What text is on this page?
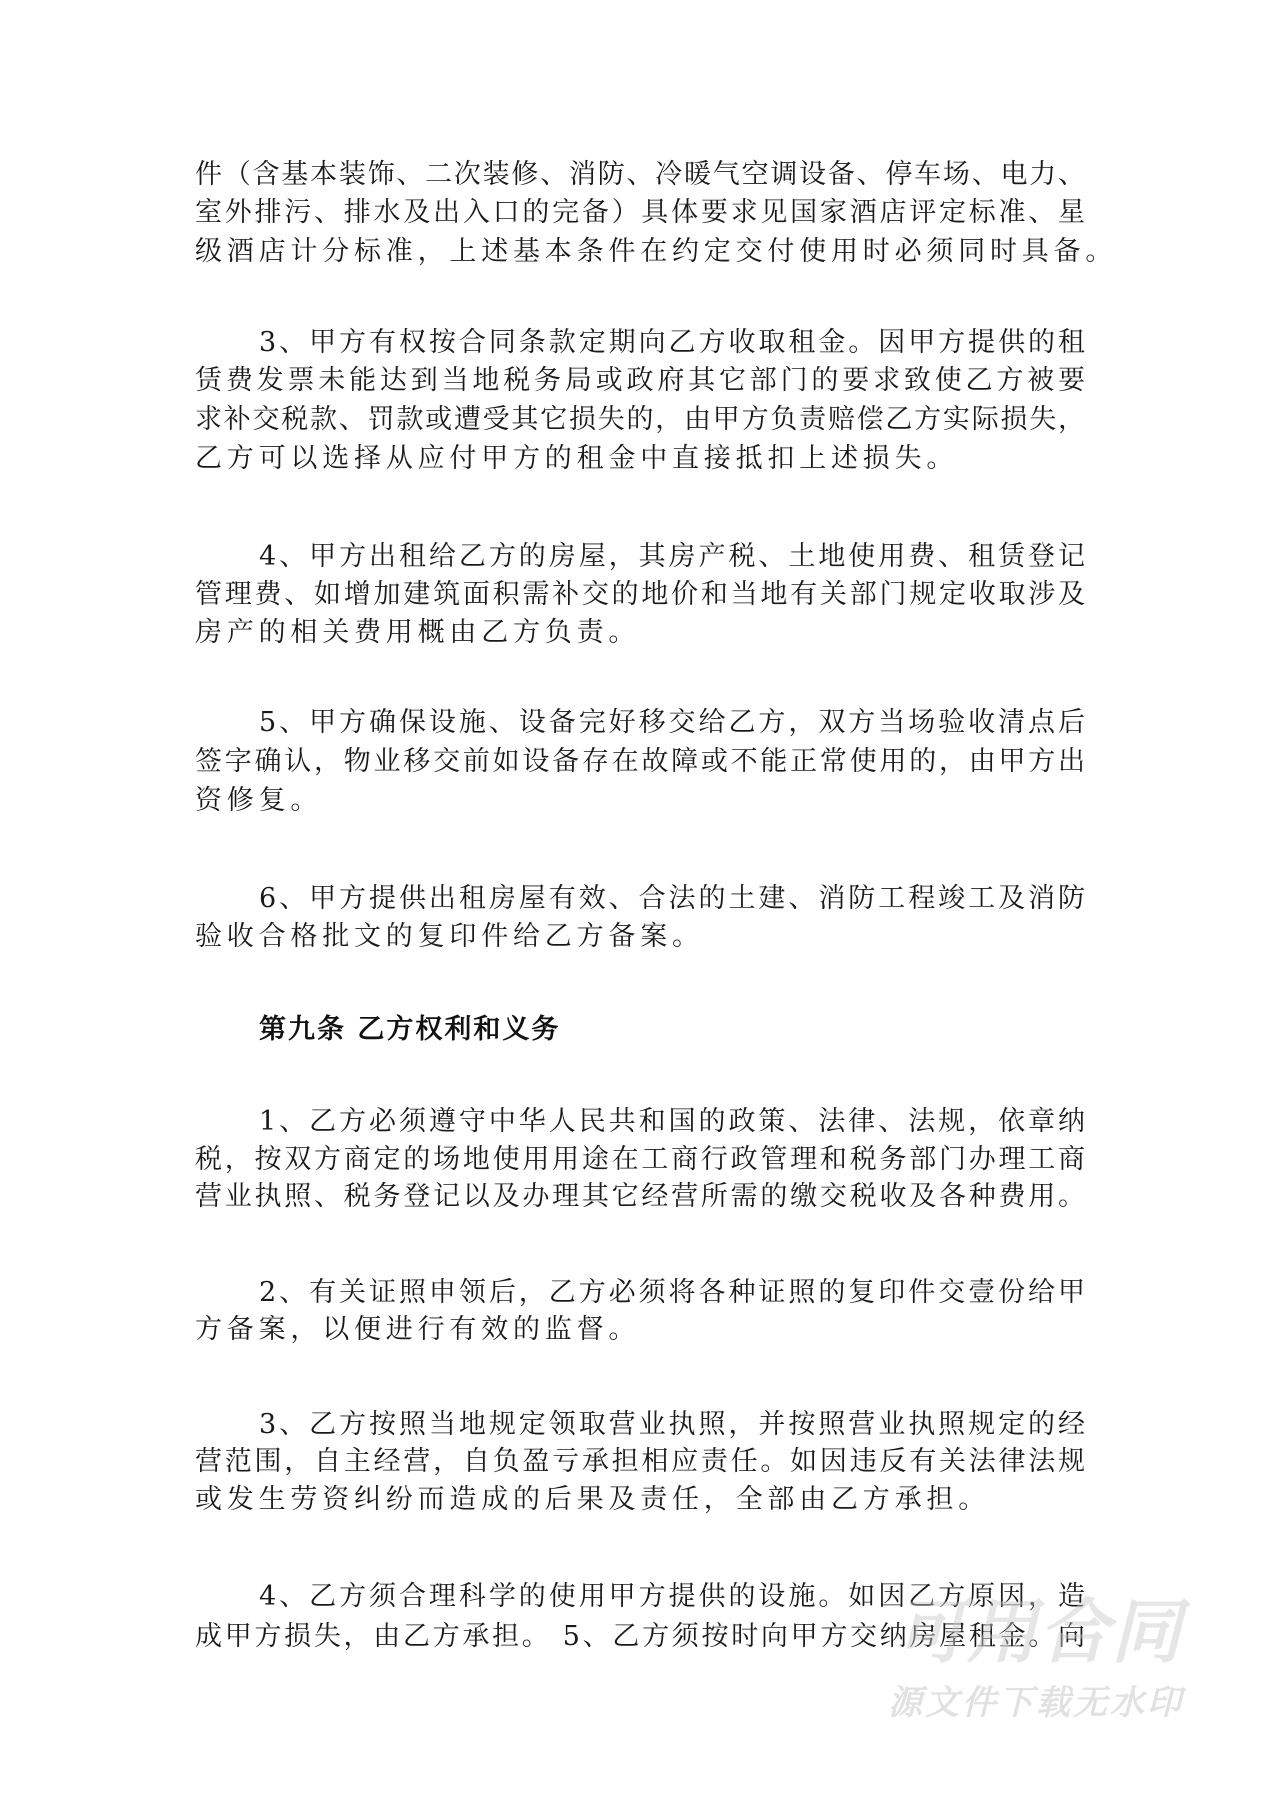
件（含基本装饰、二次装修、消防、冷暖气空调设备、停车场、电力、
室外排污、排水及出入口的完备）具体要求见国家酒店评定标准、星
级酒店计分标准，上述基本条件在约定交付使用时必须同时具备。
3、甲方有权按合同条款定期向乙方收取租金。因甲方提供的租
赁费发票未能达到当地税务局或政府其它部门的要求致使乙方被要
求补交税款、罚款或遭受其它损失的，由甲方负责赔偿乙方实际损失，
乙方可以选择从应付甲方的租金中直接抵扣上述损失。
4、甲方出租给乙方的房屋，其房产税、土地使用费、租赁登记
管理费、如增加建筑面积需补交的地价和当地有关部门规定收取涉及
房产的相关费用概由乙方负责。
5、甲方确保设施、设备完好移交给乙方，双方当场验收清点后
签字确认，物业移交前如设备存在故障或不能正常使用的，由甲方出
资修复。
6、甲方提供出租房屋有效、合法的土建、消防工程竣工及消防
验收合格批文的复印件给乙方备案。
第九条 乙方权利和义务
1、乙方必须遵守中华人民共和国的政策、法律、法规，依章纳
税，按双方商定的场地使用用途在工商行政管理和税务部门办理工商
营业执照、税务登记以及办理其它经营所需的缴交税收及各种费用。
2、有关证照申领后，乙方必须将各种证照的复印件交壹份给甲
方备案，以便进行有效的监督。
3、乙方按照当地规定领取营业执照，并按照营业执照规定的经
营范围，自主经营，自负盈亏承担相应责任。如因违反有关法律法规
或发生劳资纠纷而造成的后果及责任，全部由乙方承担。
4、乙方须合理科学的使用甲方提供的设施。如因乙方原因，造
成甲方损失，由乙方承担。 5、乙方须按时向甲方交纳房屋租金。向
可用合同
源文件下载无水印
